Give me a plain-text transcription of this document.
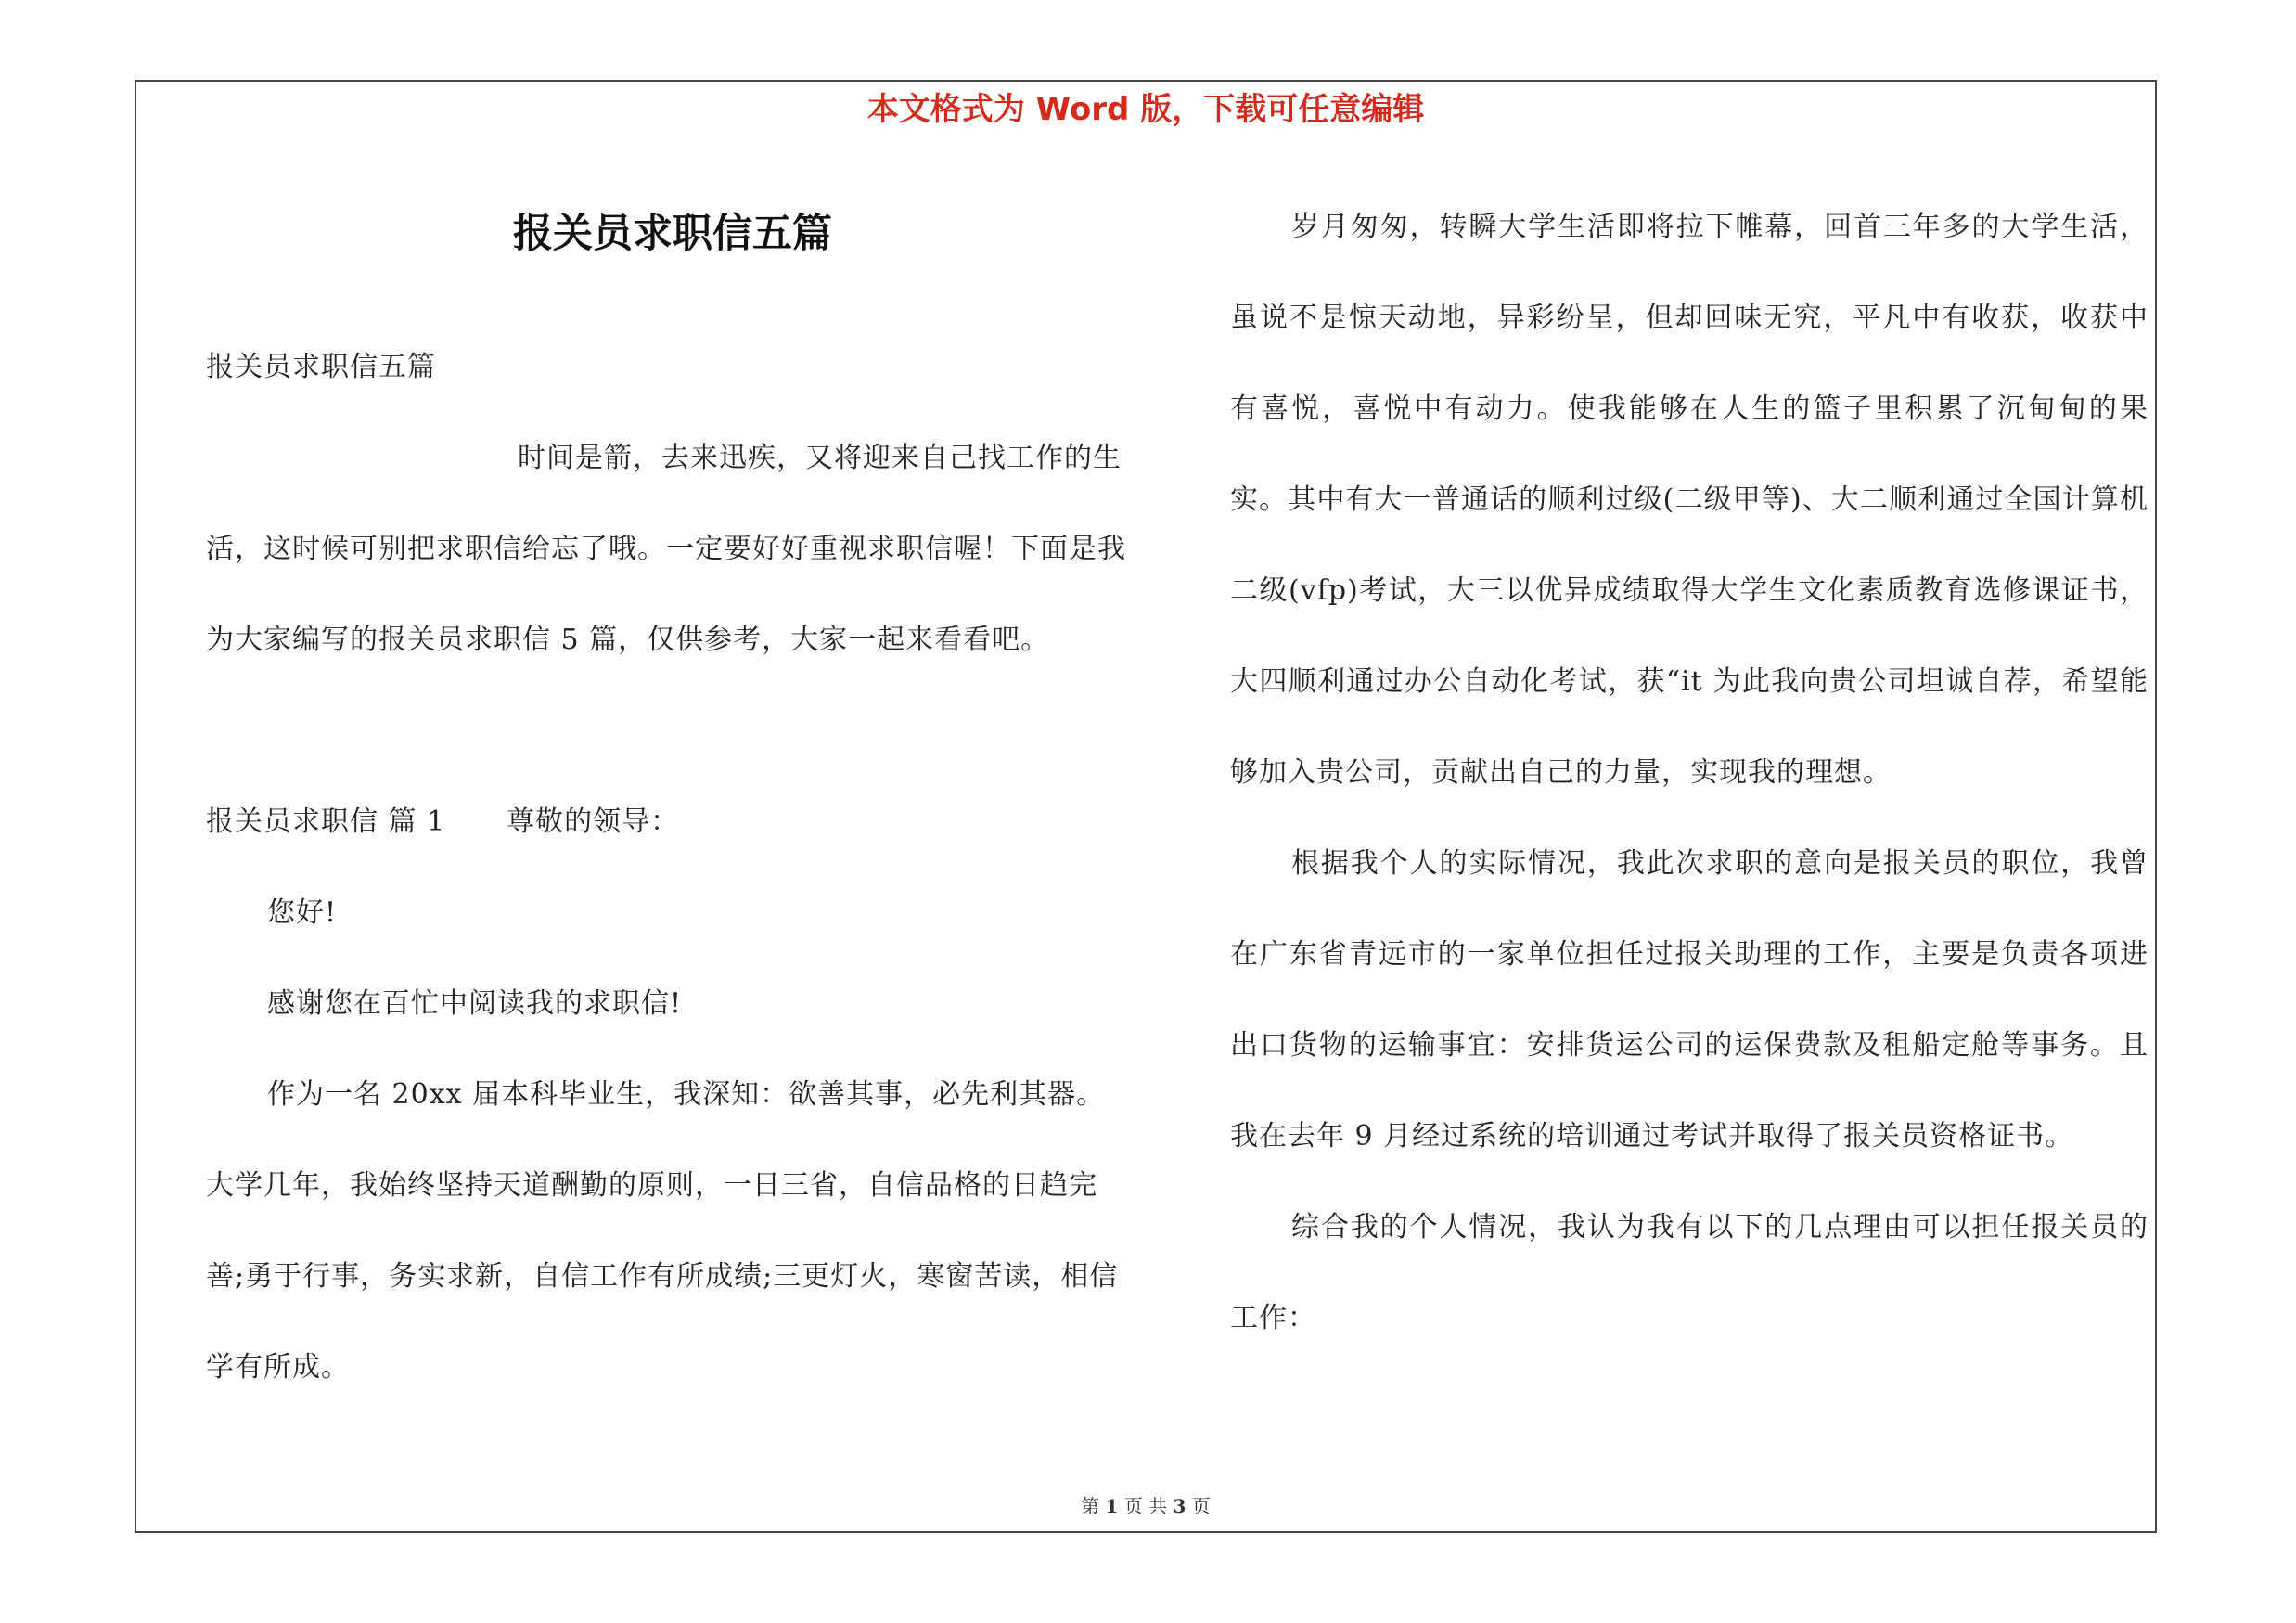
本文格式为 Word 版，下载可任意编辑
报关员求职信五篇

报关员求职信五篇

时间是箭，去来迅疾，又将迎来自己找工作的生活，这时候可别把求职信给忘了哦。一定要好好重视求职信喔！下面是我为大家编写的报关员求职信 5 篇，仅供参考，大家一起来看看吧。

报关员求职信 篇 1 尊敬的领导：

您好!

感谢您在百忙中阅读我的求职信!

作为一名 20xx 届本科毕业生，我深知：欲善其事，必先利其器。大学几年，我始终坚持天道酬勤的原则，一日三省，自信品格的日趋完善;勇于行事，务实求新，自信工作有所成绩;三更灯火，寒窗苦读，相信学有所成。

岁月匆匆，转瞬大学生活即将拉下帷幕，回首三年多的大学生活，虽说不是惊天动地，异彩纷呈，但却回味无究，平凡中有收获，收获中有喜悦，喜悦中有动力。使我能够在人生的篮子里积累了沉甸甸的果实。其中有大一普通话的顺利过级(二级甲等)、大二顺利通过全国计算机二级(vfp)考试，大三以优异成绩取得大学生文化素质教育选修课证书，大四顺利通过办公自动化考试，获“it 为此我向贵公司坦诚自荐，希望能够加入贵公司，贡献出自己的力量，实现我的理想。

根据我个人的实际情况，我此次求职的意向是报关员的职位，我曾在广东省青远市的一家单位担任过报关助理的工作，主要是负责各项进出口货物的运输事宜：安排货运公司的运保费款及租船定舱等事务。且我在去年 9 月经过系统的培训通过考试并取得了报关员资格证书。

综合我的个人情况，我认为我有以下的几点理由可以担任报关员的工作：

第 1 页 共 3 页
